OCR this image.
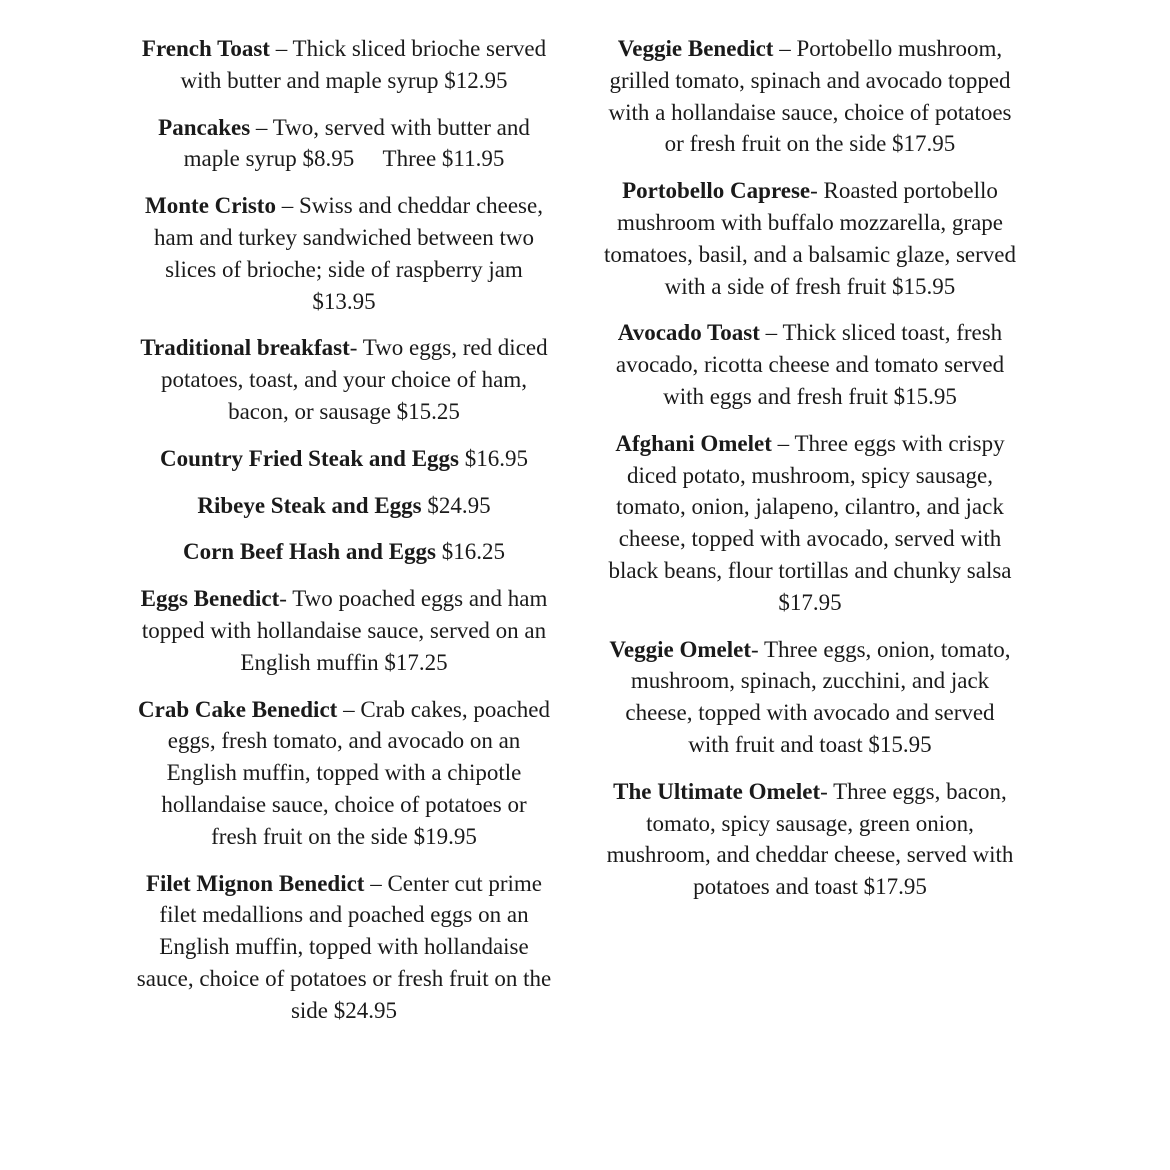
French Toast – Thick sliced brioche served with butter and maple syrup $12.95

Pancakes – Two, served with butter and maple syrup $8.95  Three $11.95

Monte Cristo – Swiss and cheddar cheese, ham and turkey sandwiched between two slices of brioche; side of raspberry jam $13.95

Traditional breakfast- Two eggs, red diced potatoes, toast, and your choice of ham, bacon, or sausage $15.25

Country Fried Steak and Eggs $16.95

Ribeye Steak and Eggs $24.95

Corn Beef Hash and Eggs $16.25

Eggs Benedict- Two poached eggs and ham topped with hollandaise sauce, served on an English muffin $17.25

Crab Cake Benedict – Crab cakes, poached eggs, fresh tomato, and avocado on an English muffin, topped with a chipotle hollandaise sauce, choice of potatoes or fresh fruit on the side $19.95

Filet Mignon Benedict – Center cut prime filet medallions and poached eggs on an English muffin, topped with hollandaise sauce, choice of potatoes or fresh fruit on the side $24.95

Veggie Benedict – Portobello mushroom, grilled tomato, spinach and avocado topped with a hollandaise sauce, choice of potatoes or fresh fruit on the side $17.95

Portobello Caprese- Roasted portobello mushroom with buffalo mozzarella, grape tomatoes, basil, and a balsamic glaze, served with a side of fresh fruit $15.95

Avocado Toast – Thick sliced toast, fresh avocado, ricotta cheese and tomato served with eggs and fresh fruit $15.95

Afghani Omelet – Three eggs with crispy diced potato, mushroom, spicy sausage, tomato, onion, jalapeno, cilantro, and jack cheese, topped with avocado, served with black beans, flour tortillas and chunky salsa $17.95

Veggie Omelet- Three eggs, onion, tomato, mushroom, spinach, zucchini, and jack cheese, topped with avocado and served with fruit and toast $15.95

The Ultimate Omelet- Three eggs, bacon, tomato, spicy sausage, green onion, mushroom, and cheddar cheese, served with potatoes and toast $17.95
